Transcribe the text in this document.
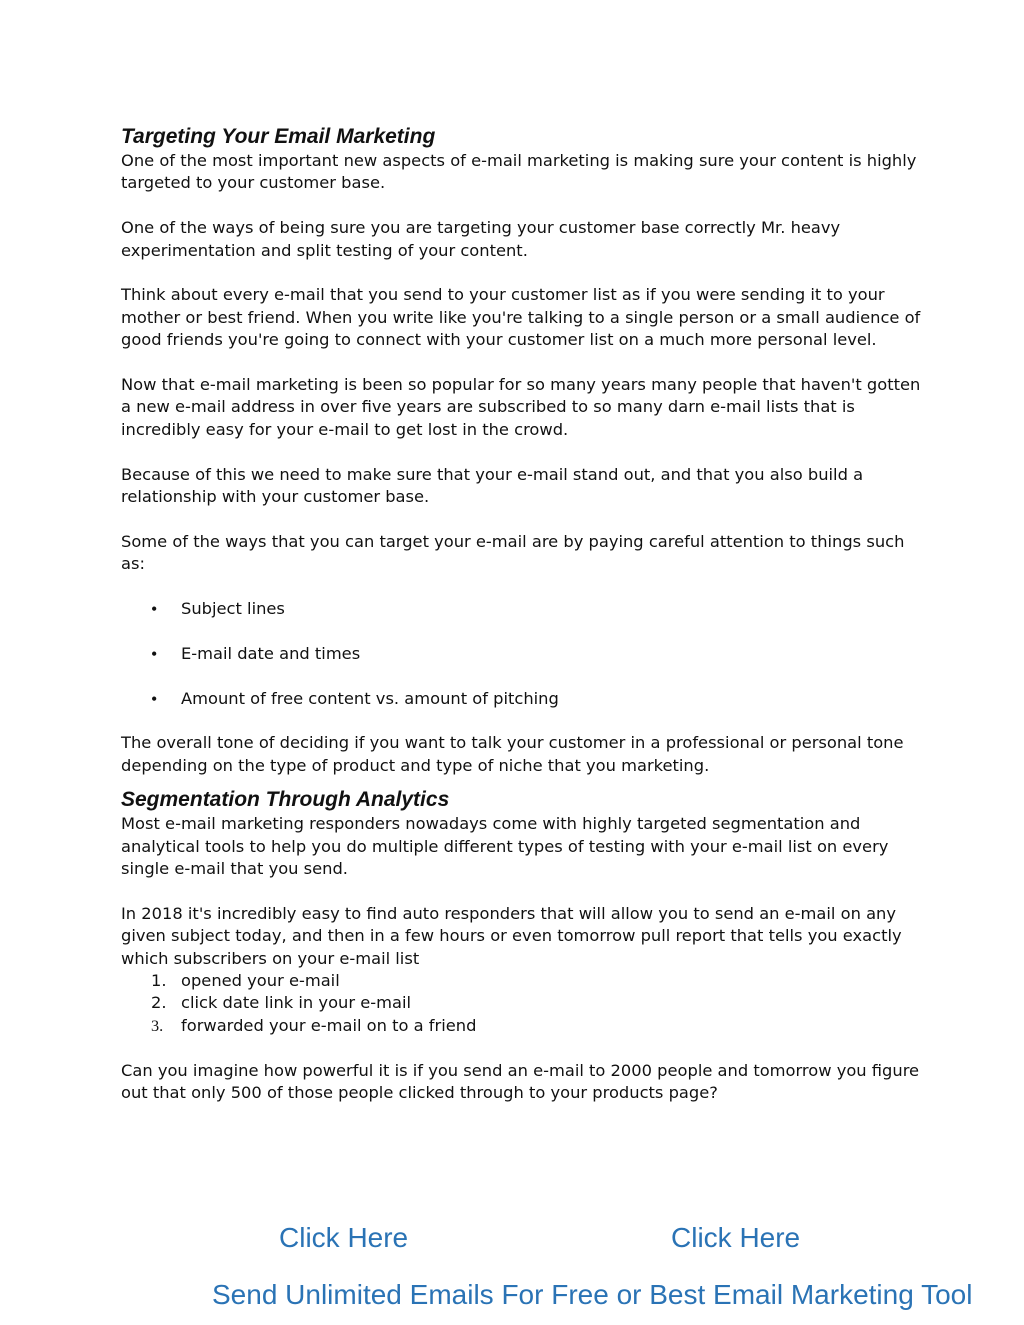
Targeting Your Email Marketing

One of the most important new aspects of e-mail marketing is making sure your content is highly targeted to your customer base.

One of the ways of being sure you are targeting your customer base correctly Mr. heavy experimentation and split testing of your content.

Think about every e-mail that you send to your customer list as if you were sending it to your mother or best friend. When you write like you're talking to a single person or a small audience of good friends you're going to connect with your customer list on a much more personal level.

Now that e-mail marketing is been so popular for so many years many people that haven't gotten a new e-mail address in over five years are subscribed to so many darn e-mail lists that is incredibly easy for your e-mail to get lost in the crowd.

Because of this we need to make sure that your e-mail stand out, and that you also build a relationship with your customer base.

Some of the ways that you can target your e-mail are by paying careful attention to things such as:

• Subject lines
• E-mail date and times
• Amount of free content vs. amount of pitching

The overall tone of deciding if you want to talk your customer in a professional or personal tone depending on the type of product and type of niche that you marketing.

Segmentation Through Analytics

Most e-mail marketing responders nowadays come with highly targeted segmentation and analytical tools to help you do multiple different types of testing with your e-mail list on every single e-mail that you send.

In 2018 it's incredibly easy to find auto responders that will allow you to send an e-mail on any given subject today, and then in a few hours or even tomorrow pull report that tells you exactly which subscribers on your e-mail list

1. opened your e-mail
2. click date link in your e-mail
3. forwarded your e-mail on to a friend

Can you imagine how powerful it is if you send an e-mail to 2000 people and tomorrow you figure out that only 500 of those people clicked through to your products page?

Click Here	Click Here
Send Unlimited Emails For Free or Best Email Marketing Tool
